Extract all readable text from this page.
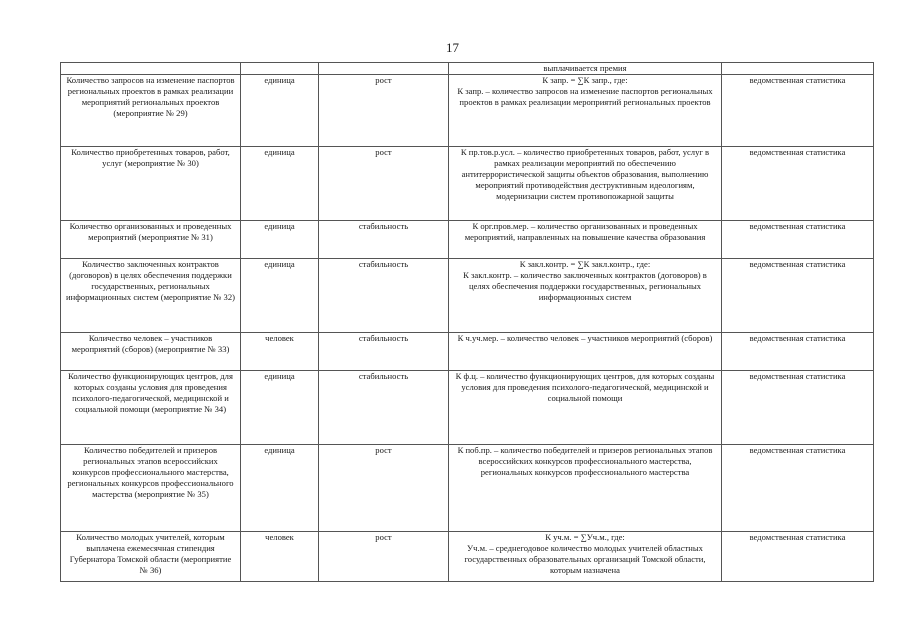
17
			выплачивается премия	
Количество запросов на изменение паспортов региональных проектов в рамках реализации мероприятий региональных проектов (мероприятие № 29)	единица	рост	К запр. = ∑К запр., где:
К запр. – количество запросов на изменение паспортов региональных проектов в рамках реализации мероприятий региональных проектов	ведомственная статистика
Количество приобретенных товаров, работ, услуг (мероприятие № 30)	единица	рост	К пр.тов.р.усл. – количество приобретенных товаров, работ, услуг в рамках реализации мероприятий по обеспечению антитеррористической защиты объектов образования, выполнению мероприятий противодействия деструктивным идеологиям, модернизации систем противопожарной защиты	ведомственная статистика
Количество организованных и проведенных мероприятий (мероприятие № 31)	единица	стабильность	К орг.пров.мер. – количество организованных и проведенных мероприятий, направленных на повышение качества образования	ведомственная статистика
Количество заключенных контрактов (договоров) в целях обеспечения поддержки государственных, региональных информационных систем (мероприятие № 32)	единица	стабильность	К закл.контр. = ∑К закл.контр., где:
К закл.контр. – количество заключенных контрактов (договоров) в целях обеспечения поддержки государственных, региональных информационных систем	ведомственная статистика
Количество человек – участников мероприятий (сборов) (мероприятие № 33)	человек	стабильность	К ч.уч.мер. – количество человек – участников мероприятий (сборов)	ведомственная статистика
Количество функционирующих центров, для которых созданы условия для проведения психолого-педагогической, медицинской и социальной помощи (мероприятие № 34)	единица	стабильность	К ф.ц. – количество функционирующих центров, для которых созданы условия для проведения психолого-педагогической, медицинской и социальной помощи	ведомственная статистика
Количество победителей и призеров региональных этапов всероссийских конкурсов профессионального мастерства, региональных конкурсов профессионального мастерства (мероприятие № 35)	единица	рост	К поб.пр. – количество победителей и призеров региональных этапов всероссийских конкурсов профессионального мастерства, региональных конкурсов профессионального мастерства	ведомственная статистика
Количество молодых учителей, которым выплачена ежемесячная стипендия Губернатора Томской области (мероприятие № 36)	человек	рост	К уч.м. = ∑Уч.м., где:
Уч.м. – среднегодовое количество молодых учителей областных государственных образовательных организаций Томской области, которым назначена	ведомственная статистика
